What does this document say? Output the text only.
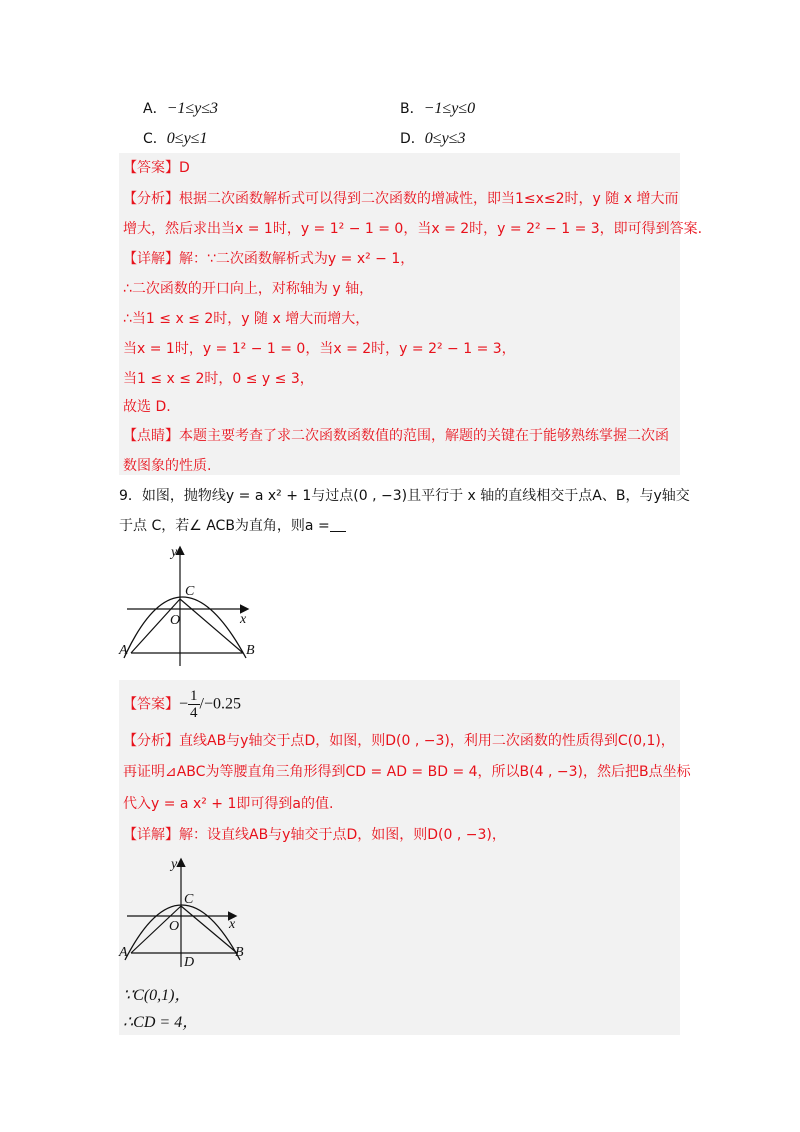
A．−1≤y≤3	B．−1≤y≤0
C．0≤y≤1	D．0≤y≤3
【答案】D
【分析】根据二次函数解析式可以得到二次函数的增减性，即当1≤x≤2时，y 随 x 增大而
增大，然后求出当x = 1时，y = 1² − 1 = 0，当x = 2时，y = 2² − 1 = 3，即可得到答案.
【详解】解：∵二次函数解析式为y = x² − 1，
∴二次函数的开口向上，对称轴为 y 轴，
∴当1 ≤ x ≤ 2时，y 随 x 增大而增大，
当x = 1时，y = 1² − 1 = 0，当x = 2时，y = 2² − 1 = 3，
当1 ≤ x ≤ 2时，0 ≤ y ≤ 3，
故选 D.
【点睛】本题主要考查了求二次函数函数值的范围，解题的关键在于能够熟练掌握二次函
数图象的性质.
9．如图，抛物线y = a x² + 1与过点(0 , −3)且平行于 x 轴的直线相交于点A、B，与y轴交
于点 C，若∠ ACB为直角，则a =
y
x
C
O
A	B
【答案】− $\frac{1}{4} /-0.25$
【分析】直线AB与y轴交于点D，如图，则D(0 , −3)，利用二次函数的性质得到C(0,1)，
再证明⊿ABC为等腰直角三角形得到CD = AD = BD = 4，所以B(4 , −3)，然后把B点坐标
代入y = a x² + 1即可得到a的值.
【详解】解：设直线AB与y轴交于点D，如图，则D(0 , −3)，
y
x
C
O
A	B
D
∵C(0,1)，
∴CD = 4，
